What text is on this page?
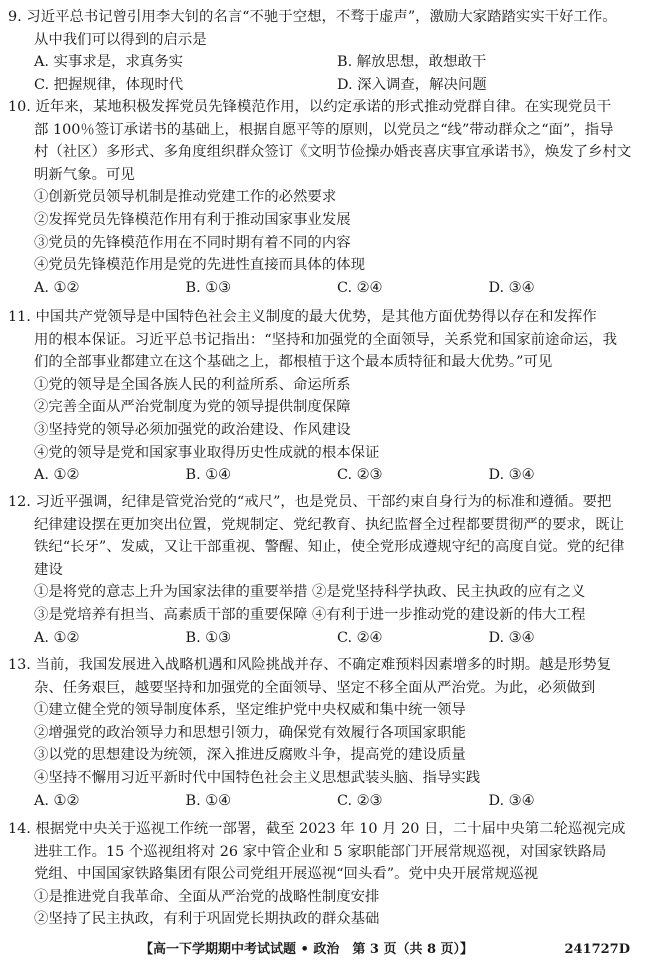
9. 习近平总书记曾引用李大钊的名言“不驰于空想，不骛于虚声”，激励大家踏踏实实干好工作。
从中我们可以得到的启示是
A. 实事求是，求真务实	B. 解放思想，敢想敢干
C. 把握规律，体现时代	D. 深入调查，解决问题
10. 近年来，某地积极发挥党员先锋模范作用，以约定承诺的形式推动党群自律。在实现党员干
部 100％签订承诺书的基础上，根据自愿平等的原则，以党员之“线”带动群众之“面”，指导
村（社区）多形式、多角度组织群众签订《文明节俭操办婚丧喜庆事宜承诺书》，焕发了乡村文
明新气象。可见
①创新党员领导机制是推动党建工作的必然要求
②发挥党员先锋模范作用有利于推动国家事业发展
③党员的先锋模范作用在不同时期有着不同的内容
④党员先锋模范作用是党的先进性直接而具体的体现
A. ①②	B. ①③	C. ②④	D. ③④
11. 中国共产党领导是中国特色社会主义制度的最大优势，是其他方面优势得以存在和发挥作
用的根本保证。习近平总书记指出：“坚持和加强党的全面领导，关系党和国家前途命运，我
们的全部事业都建立在这个基础之上，都根植于这个最本质特征和最大优势。”可见
①党的领导是全国各族人民的利益所系、命运所系
②完善全面从严治党制度为党的领导提供制度保障
③坚持党的领导必须加强党的政治建设、作风建设
④党的领导是党和国家事业取得历史性成就的根本保证
A. ①②	B. ①④	C. ②③	D. ③④
12. 习近平强调，纪律是管党治党的“戒尺”，也是党员、干部约束自身行为的标准和遵循。要把
纪律建设摆在更加突出位置，党规制定、党纪教育、执纪监督全过程都要贯彻严的要求，既让
铁纪“长牙”、发威，又让干部重视、警醒、知止，使全党形成遵规守纪的高度自觉。党的纪律
建设
①是将党的意志上升为国家法律的重要举措 ②是党坚持科学执政、民主执政的应有之义
③是党培养有担当、高素质干部的重要保障 ④有利于进一步推动党的建设新的伟大工程
A. ①②	B. ①③	C. ②④	D. ③④
13. 当前，我国发展进入战略机遇和风险挑战并存、不确定难预料因素增多的时期。越是形势复
杂、任务艰巨，越要坚持和加强党的全面领导、坚定不移全面从严治党。为此，必须做到
①建立健全党的领导制度体系，坚定维护党中央权威和集中统一领导
②增强党的政治领导力和思想引领力，确保党有效履行各项国家职能
③以党的思想建设为统领，深入推进反腐败斗争，提高党的建设质量
④坚持不懈用习近平新时代中国特色社会主义思想武装头脑、指导实践
A. ①②	B. ①④	C. ②③	D. ③④
14. 根据党中央关于巡视工作统一部署，截至 2023 年 10 月 20 日，二十届中央第二轮巡视完成
进驻工作。15 个巡视组将对 26 家中管企业和 5 家职能部门开展常规巡视，对国家铁路局
党组、中国国家铁路集团有限公司党组开展巡视“回头看”。党中央开展常规巡视
①是推进党自我革命、全面从严治党的战略性制度安排
②坚持了民主执政，有利于巩固党长期执政的群众基础
【高一下学期期中考试试题 • 政治　第 3 页（共 8 页）】	241727D
